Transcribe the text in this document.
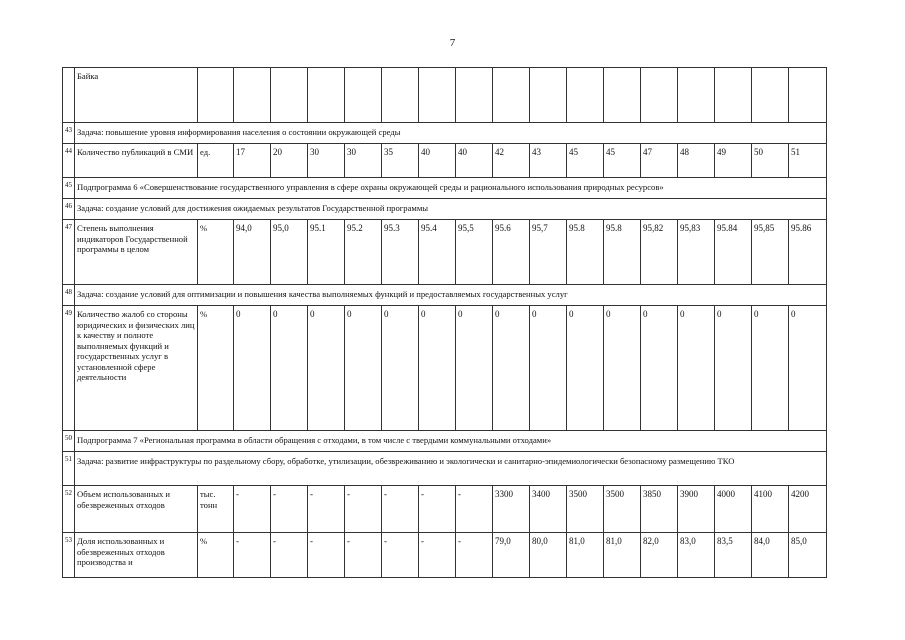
7
	Байка																	
43	Задача: повышение уровня информирования населения о состоянии окружающей среды																	
44	Количество публикаций в СМИ	ед.	17	20	30	30	35	40	40	42	43	45	45	47	48	49	50	51
45	Подпрограмма 6 «Совершенствование государственного управления в сфере охраны окружающей среды и рационального использования природных ресурсов»																	
46	Задача: создание условий для достижения ожидаемых результатов Государственной программы																	
47	Степень выполнения индикаторов Государственной программы в целом	%	94,0	95,0	95.1	95.2	95.3	95.4	95,5	95.6	95,7	95.8	95.8	95,82	95,83	95.84	95,85	95.86
48	Задача: создание условий для оптимизации и повышения качества выполняемых функций и предоставляемых государственных услуг																	
49	Количество жалоб со стороны юридических и физических лиц к качеству и полноте выполняемых функций и государственных услуг в установленной сфере деятельности	%	0	0	0	0	0	0	0	0	0	0	0	0	0	0	0	0
50	Подпрограмма 7 «Региональная программа в области обращения с отходами, в том числе с твердыми коммунальными отходами»																	
51	Задача: развитие инфраструктуры по раздельному сбору, обработке, утилизации, обезвреживанию и экологически и санитарно-эпидемиологически безопасному размещению ТКО																	
52	Объем использованных и обезвреженных отходов	тыс. тонн	-	-	-	-	-	-	-	3300	3400	3500	3500	3850	3900	4000	4100	4200
53	Доля использованных и обезвреженных отходов производства и	%	-	-	-	-	-	-	-	79,0	80,0	81,0	81,0	82,0	83,0	83,5	84,0	85,0
